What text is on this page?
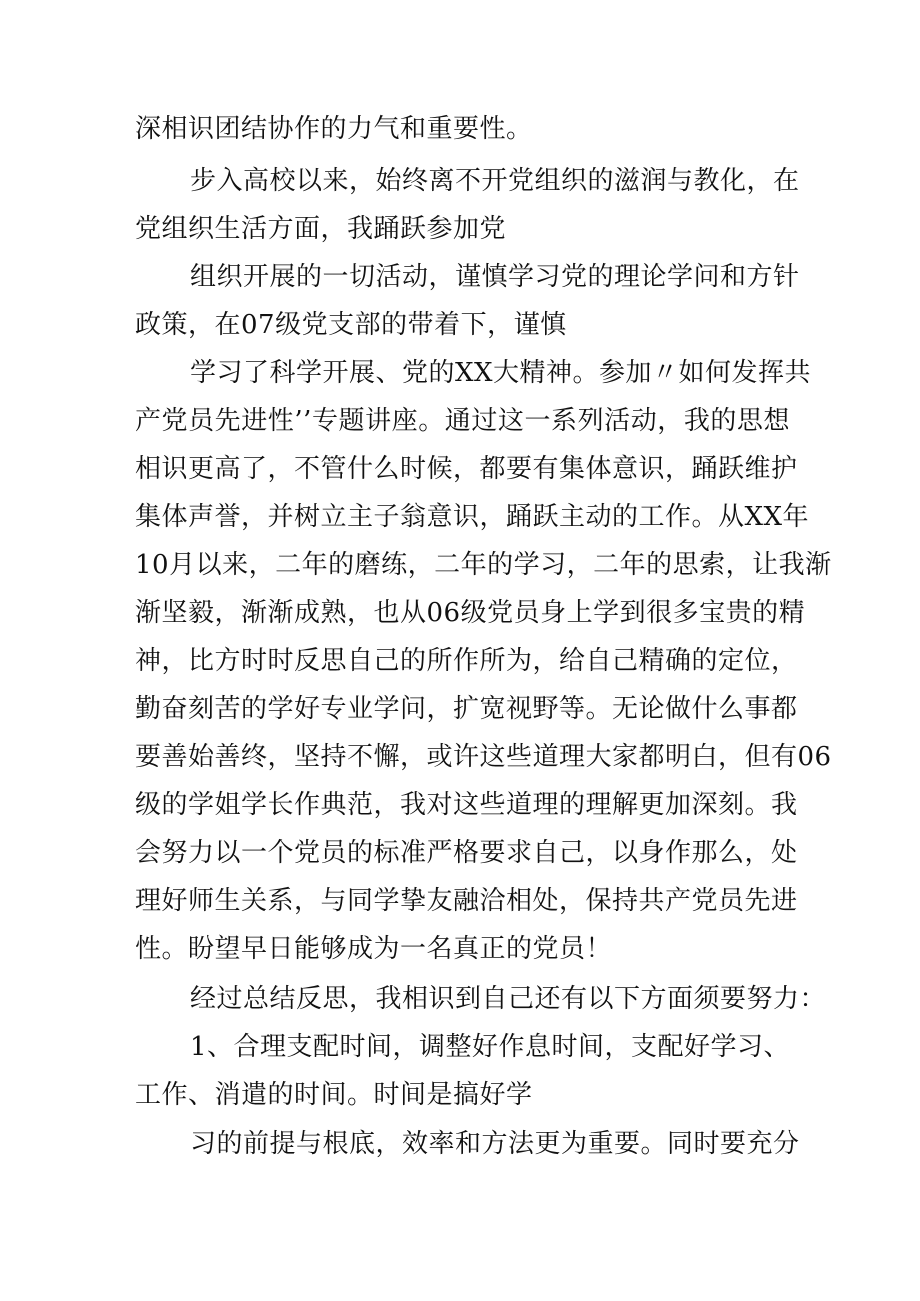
深相识团结协作的力气和重要性。
步入高校以来，始终离不开党组织的滋润与教化，在
党组织生活方面，我踊跃参加党
组织开展的一切活动，谨慎学习党的理论学问和方针
政策，在07级党支部的带着下，谨慎
学习了科学开展、党的XX大精神。参加〃如何发挥共
产党员先进性’’专题讲座。通过这一系列活动，我的思想
相识更高了，不管什么时候，都要有集体意识，踊跃维护
集体声誉，并树立主子翁意识，踊跃主动的工作。从XX年
10月以来，二年的磨练，二年的学习，二年的思索，让我渐
渐坚毅，渐渐成熟，也从06级党员身上学到很多宝贵的精
神，比方时时反思自己的所作所为，给自己精确的定位，
勤奋刻苦的学好专业学问，扩宽视野等。无论做什么事都
要善始善终，坚持不懈，或许这些道理大家都明白，但有06
级的学姐学长作典范，我对这些道理的理解更加深刻。我
会努力以一个党员的标准严格要求自己，以身作那么，处
理好师生关系，与同学挚友融洽相处，保持共产党员先进
性。盼望早日能够成为一名真正的党员！
经过总结反思，我相识到自己还有以下方面须要努力：
1、合理支配时间，调整好作息时间，支配好学习、
工作、消遣的时间。时间是搞好学
习的前提与根底，效率和方法更为重要。同时要充分
